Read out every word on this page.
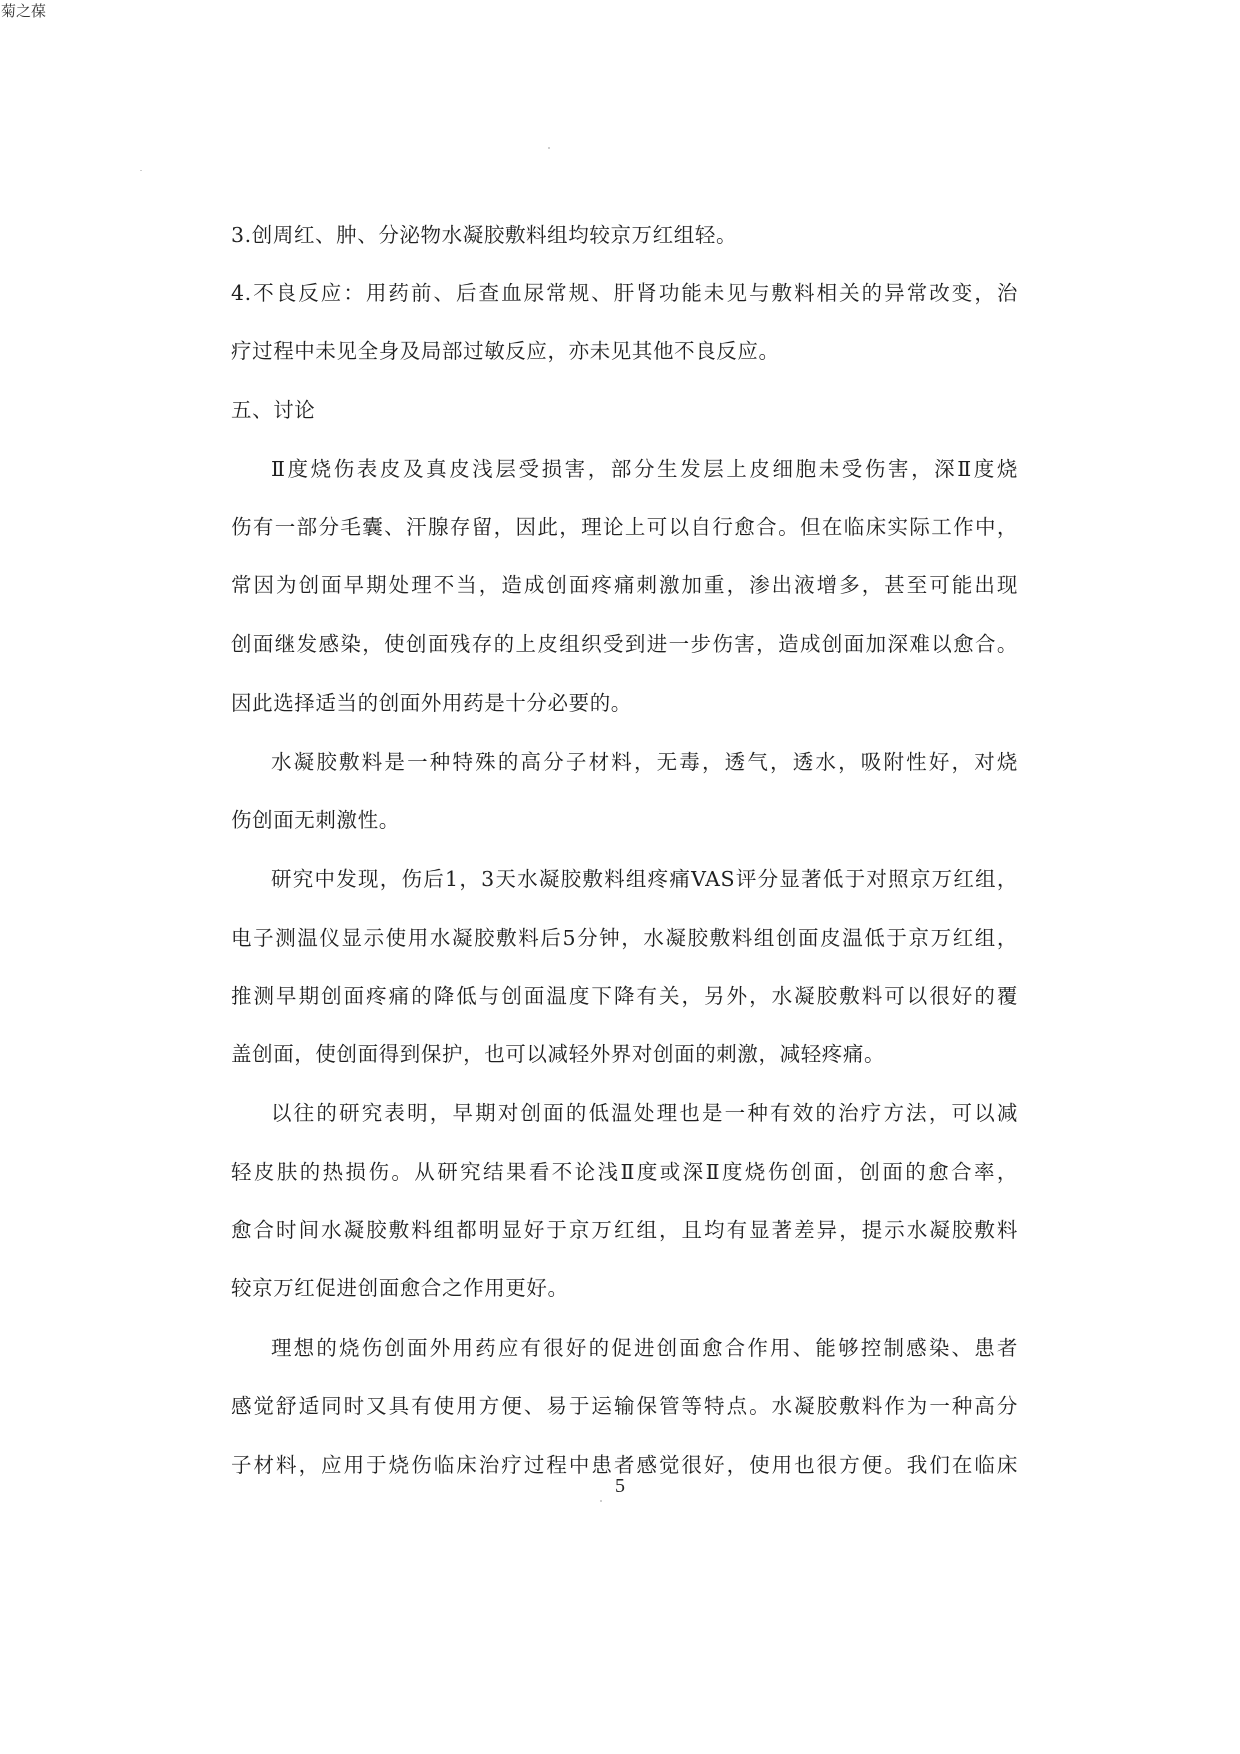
菊之葆
3.创周红、肿、分泌物水凝胶敷料组均较京万红组轻。
4.不良反应：用药前、后查血尿常规、肝肾功能未见与敷料相关的异常改变，治
疗过程中未见全身及局部过敏反应，亦未见其他不良反应。
五、讨论
Ⅱ度烧伤表皮及真皮浅层受损害，部分生发层上皮细胞未受伤害，深Ⅱ度烧
伤有一部分毛囊、汗腺存留，因此，理论上可以自行愈合。但在临床实际工作中，
常因为创面早期处理不当，造成创面疼痛刺激加重，渗出液增多，甚至可能出现
创面继发感染，使创面残存的上皮组织受到进一步伤害，造成创面加深难以愈合。
因此选择适当的创面外用药是十分必要的。
水凝胶敷料是一种特殊的高分子材料，无毒，透气，透水，吸附性好，对烧
伤创面无刺激性。
研究中发现，伤后1，3天水凝胶敷料组疼痛VAS评分显著低于对照京万红组，
电子测温仪显示使用水凝胶敷料后5分钟，水凝胶敷料组创面皮温低于京万红组，
推测早期创面疼痛的降低与创面温度下降有关，另外，水凝胶敷料可以很好的覆
盖创面，使创面得到保护，也可以减轻外界对创面的刺激，减轻疼痛。
以往的研究表明，早期对创面的低温处理也是一种有效的治疗方法，可以减
轻皮肤的热损伤。从研究结果看不论浅Ⅱ度或深Ⅱ度烧伤创面，创面的愈合率，
愈合时间水凝胶敷料组都明显好于京万红组，且均有显著差异，提示水凝胶敷料
较京万红促进创面愈合之作用更好。
理想的烧伤创面外用药应有很好的促进创面愈合作用、能够控制感染、患者
感觉舒适同时又具有使用方便、易于运输保管等特点。水凝胶敷料作为一种高分
子材料，应用于烧伤临床治疗过程中患者感觉很好，使用也很方便。我们在临床
5
